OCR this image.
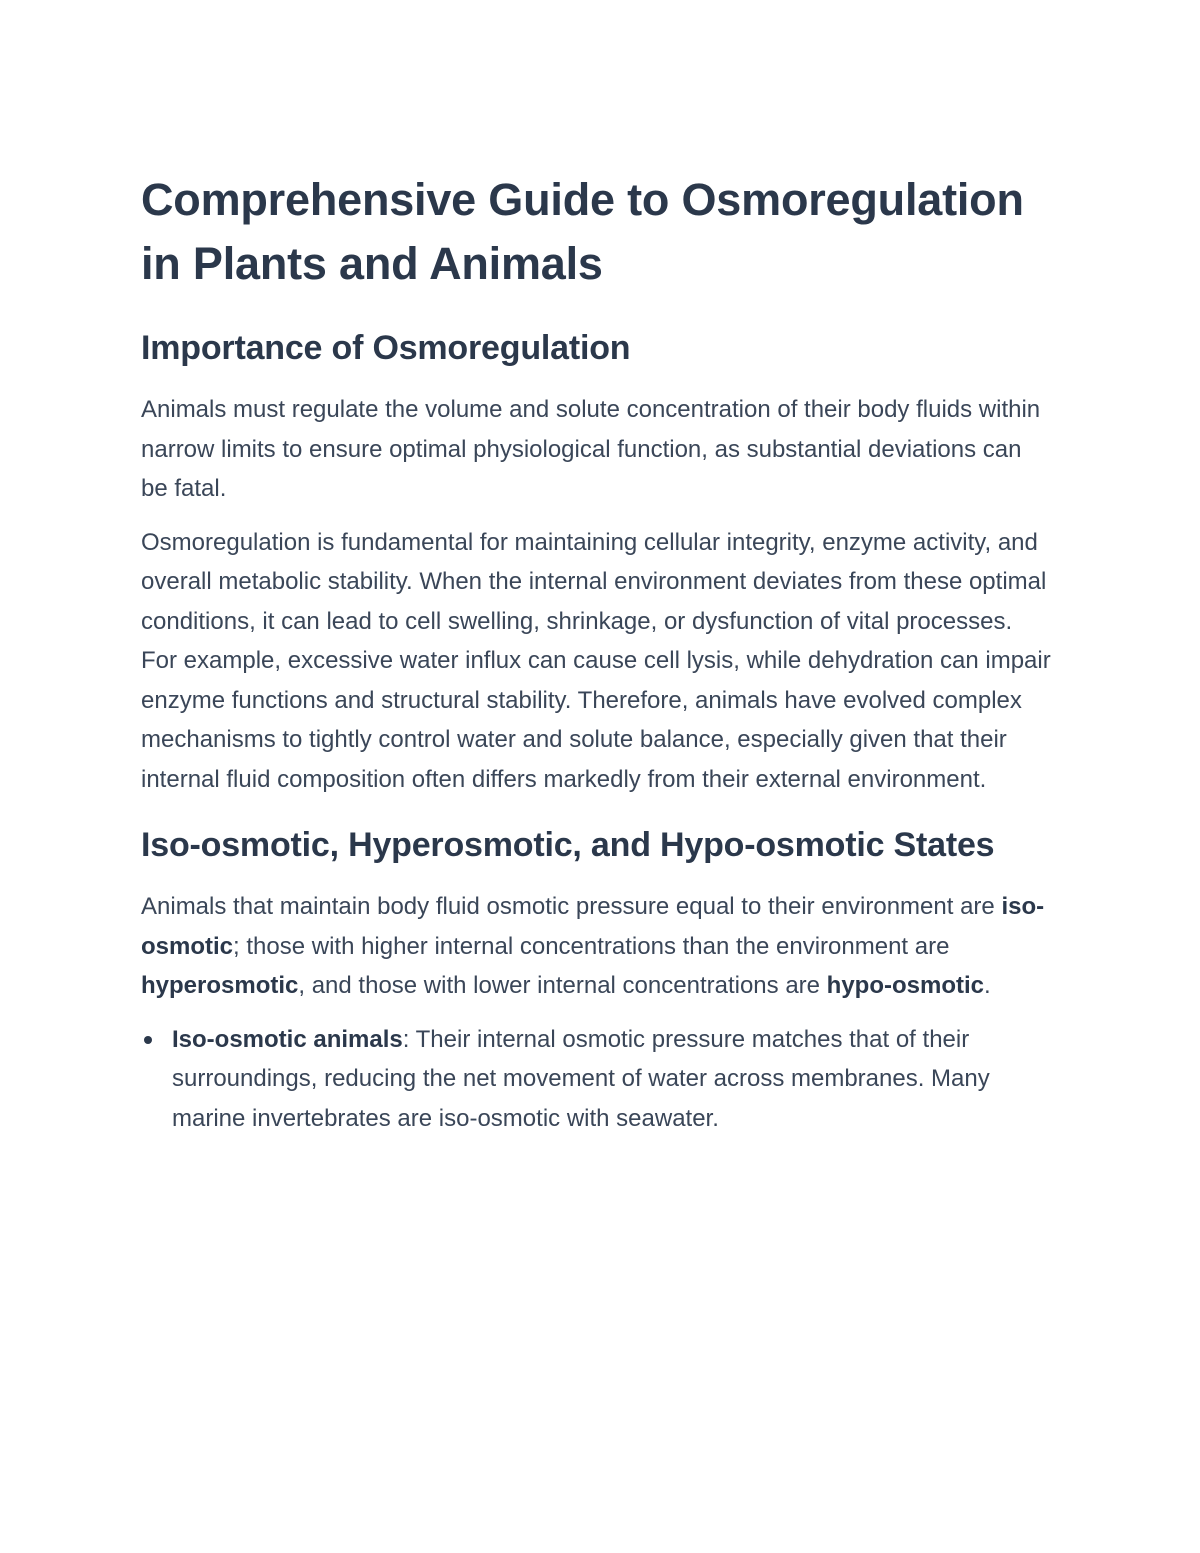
Comprehensive Guide to Osmoregulation in Plants and Animals
Importance of Osmoregulation

Animals must regulate the volume and solute concentration of their body fluids within narrow limits to ensure optimal physiological function, as substantial deviations can be fatal.

Osmoregulation is fundamental for maintaining cellular integrity, enzyme activity, and overall metabolic stability. When the internal environment deviates from these optimal conditions, it can lead to cell swelling, shrinkage, or dysfunction of vital processes. For example, excessive water influx can cause cell lysis, while dehydration can impair enzyme functions and structural stability. Therefore, animals have evolved complex mechanisms to tightly control water and solute balance, especially given that their internal fluid composition often differs markedly from their external environment.

Iso-osmotic, Hyperosmotic, and Hypo-osmotic States

Animals that maintain body fluid osmotic pressure equal to their environment are iso-osmotic; those with higher internal concentrations than the environment are hyperosmotic, and those with lower internal concentrations are hypo-osmotic.

Iso-osmotic animals: Their internal osmotic pressure matches that of their surroundings, reducing the net movement of water across membranes. Many marine invertebrates are iso-osmotic with seawater.
